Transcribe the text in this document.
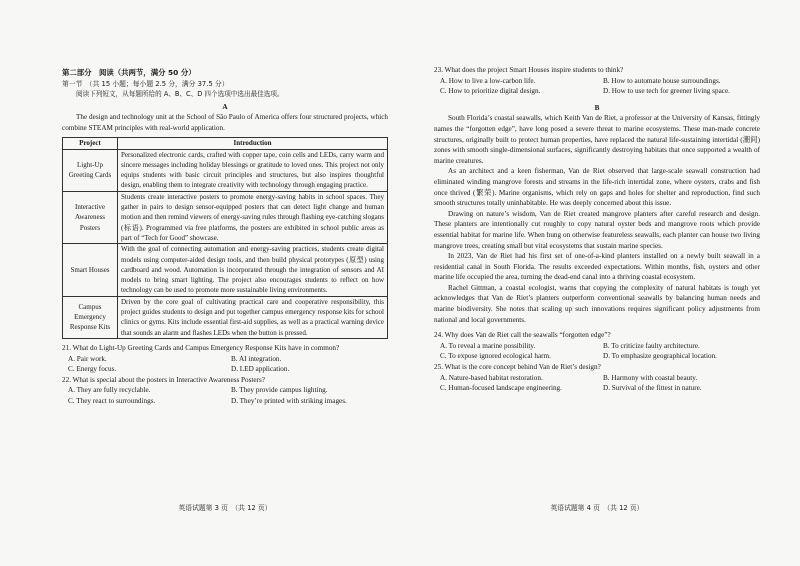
第二部分　阅读（共两节，满分 50 分）

第一节　（共 15 小题；每小题 2.5 分，满分 37.5 分）

阅读下列短文，从每题所给的 A、B、C、D 四个选项中选出最佳选项。

A

The design and technology unit at the School of São Paulo of America offers four structured projects, which combine STEAM principles with real-world application.

Project	Introduction
Light-Up Greeting Cards	Personalized electronic cards, crafted with copper tape, coin cells and LEDs, carry warm and sincere messages including holiday blessings or gratitude to loved ones. This project not only equips students with basic circuit principles and structures, but also inspires thoughtful design, enabling them to integrate creativity with technology through engaging practice.
Interactive Awareness Posters	Students create interactive posters to promote energy-saving habits in school spaces. They gather in pairs to design sensor-equipped posters that can detect light change and human motion and then remind viewers of energy-saving rules through flashing eye-catching slogans (标语). Programmed via free platforms, the posters are exhibited in school public areas as part of “Tech for Good” showcase.
Smart Houses	With the goal of connecting automation and energy-saving practices, students create digital models using computer-aided design tools, and then build physical prototypes (原型) using cardboard and wood. Automation is incorporated through the integration of sensors and AI models to bring smart lighting. The project also encourages students to reflect on how technology can be used to promote more sustainable living environments.
Campus Emergency Response Kits	Driven by the core goal of cultivating practical care and cooperative responsibility, this project guides students to design and put together campus emergency response kits for school clinics or gyms. Kits include essential first-aid supplies, as well as a practical warning device that sounds an alarm and flashes LEDs when the button is pressed.

21. What do Light-Up Greeting Cards and Campus Emergency Response Kits have in common?

A. Pair work.	B. AI integration.
C. Energy focus.	D. LED application.

22. What is special about the posters in Interactive Awareness Posters?

A. They are fully recyclable.	B. They provide campus lighting.
C. They react to surroundings.	D. They’re printed with striking images.
英语试题第 3 页　（共 12 页）

23. What does the project Smart Houses inspire students to think?

A. How to live a low-carbon life.	B. How to automate house surroundings.
C. How to prioritize digital design.	D. How to use tech for greener living space.

B

South Florida’s coastal seawalls, which Keith Van de Riet, a professor at the University of Kansas, fittingly names the “forgotten edge”, have long posed a severe threat to marine ecosystems. These man-made concrete structures, originally built to protect human properties, have replaced the natural life-sustaining intertidal (潮间) zones with smooth single-dimensional surfaces, significantly destroying habitats that once supported a wealth of marine creatures.

As an architect and a keen fisherman, Van de Riet observed that large-scale seawall construction had eliminated winding mangrove forests and streams in the life-rich intertidal zone, where oysters, crabs and fish once thrived (繁荣). Marine organisms, which rely on gaps and holes for shelter and reproduction, find such smooth structures totally uninhabitable. He was deeply concerned about this issue.

Drawing on nature’s wisdom, Van de Riet created mangrove planters after careful research and design. These planters are intentionally cut roughly to copy natural oyster beds and mangrove roots which provide essential habitat for marine life. When hung on otherwise featureless seawalls, each planter can house two living mangrove trees, creating small but vital ecosystems that sustain marine species.

In 2023, Van de Riet had his first set of one-of-a-kind planters installed on a newly built seawall in a residential canal in South Florida. The results exceeded expectations. Within months, fish, oysters and other marine life occupied the area, turning the dead-end canal into a thriving coastal ecosystem.

Rachel Gittman, a coastal ecologist, warns that copying the complexity of natural habitats is tough yet acknowledges that Van de Riet’s planters outperform conventional seawalls by balancing human needs and marine biodiversity. She notes that scaling up such innovations requires significant policy adjustments from national and local governments.

24. Why does Van de Riet call the seawalls “forgotten edge”?

A. To reveal a marine possibility.	B. To criticize faulty architecture.
C. To expose ignored ecological harm.	D. To emphasize geographical location.

25. What is the core concept behind Van de Riet’s design?

A. Nature-based habitat restoration.	B. Harmony with coastal beauty.
C. Human-focused landscape engineering.	D. Survival of the fittest in nature.
英语试题第 4 页　（共 12 页）
